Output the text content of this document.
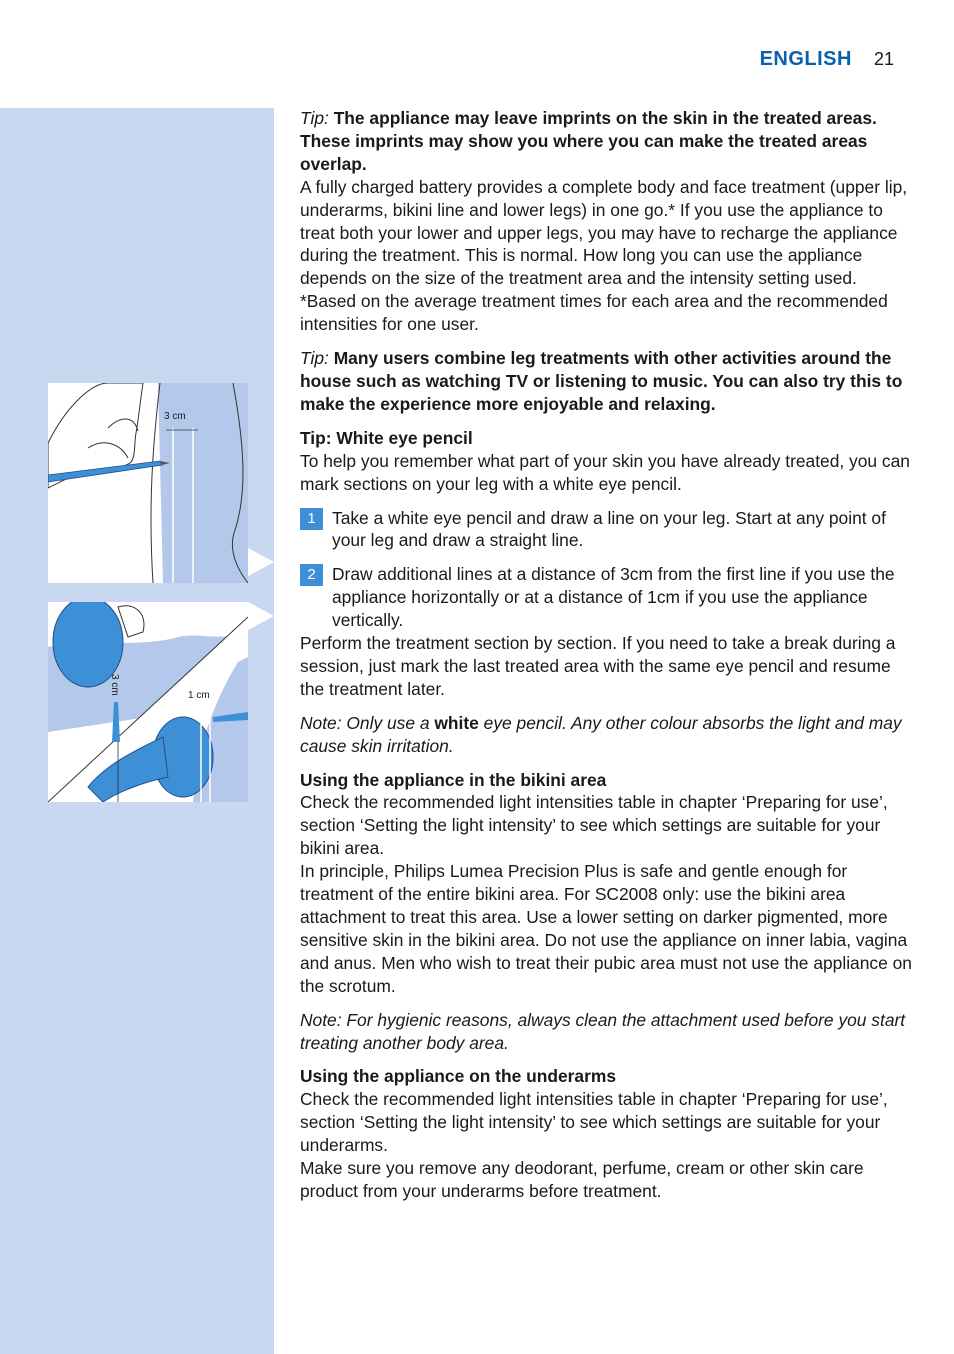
ENGLISH 21
3 cm
3 cm	1 cm

Tip: The appliance may leave imprints on the skin in the treated areas. These imprints may show you where you can make the treated areas overlap.

A fully charged battery provides a complete body and face treatment (upper lip, underarms, bikini line and lower legs) in one go.* If you use the appliance to treat both your lower and upper legs, you may have to recharge the appliance during the treatment. This is normal. How long you can use the appliance depends on the size of the treatment area and the intensity setting used.

*Based on the average treatment times for each area and the recommended intensities for one user.

Tip: Many users combine leg treatments with other activities around the house such as watching TV or listening to music. You can also try this to make the experience more enjoyable and relaxing.

Tip: White eye pencil

To help you remember what part of your skin you have already treated, you can mark sections on your leg with a white eye pencil.

1 Take a white eye pencil and draw a line on your leg. Start at any point of your leg and draw a straight line.
2 Draw additional lines at a distance of 3cm from the first line if you use the appliance horizontally or at a distance of 1cm if you use the appliance vertically.

Perform the treatment section by section. If you need to take a break during a session, just mark the last treated area with the same eye pencil and resume the treatment later.

Note: Only use a white eye pencil. Any other colour absorbs the light and may cause skin irritation.

Using the appliance in the bikini area

Check the recommended light intensities table in chapter ‘Preparing for use’, section ‘Setting the light intensity’ to see which settings are suitable for your bikini area.

In principle, Philips Lumea Precision Plus is safe and gentle enough for treatment of the entire bikini area. For SC2008 only: use the bikini area attachment to treat this area. Use a lower setting on darker pigmented, more sensitive skin in the bikini area. Do not use the appliance on inner labia, vagina and anus. Men who wish to treat their pubic area must not use the appliance on the scrotum.

Note: For hygienic reasons, always clean the attachment used before you start treating another body area.

Using the appliance on the underarms

Check the recommended light intensities table in chapter ‘Preparing for use’, section ‘Setting the light intensity’ to see which settings are suitable for your underarms.

Make sure you remove any deodorant, perfume, cream or other skin care product from your underarms before treatment.
